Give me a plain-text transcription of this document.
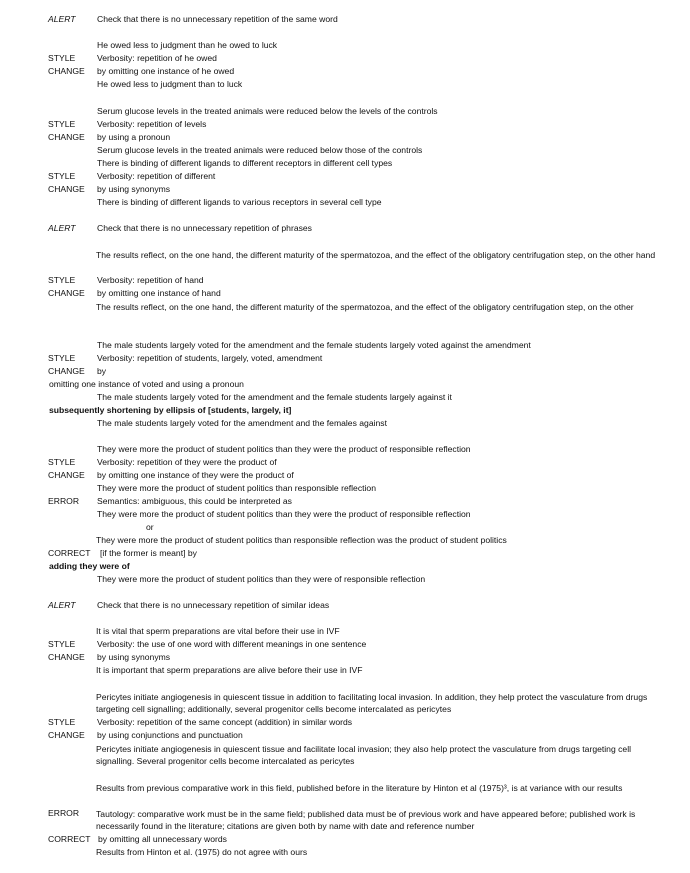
ALERT Check that there is no unnecessary repetition of the same word
He owed less to judgment than he owed to luck
STYLE	Verbosity: repetition of he owed
CHANGE by omitting one instance of he owed
He owed less to judgment than to luck
Serum glucose levels in the treated animals were reduced below the levels of the controls
STYLE	Verbosity: repetition of levels
CHANGE by using a pronoun
Serum glucose levels in the treated animals were reduced below those of the controls
There is binding of different ligands to different receptors in different cell types
STYLE	Verbosity: repetition of different
CHANGE by using synonyms
There is binding of different ligands to various receptors in several cell type
ALERT Check that there is no unnecessary repetition of phrases
The results reflect, on the one hand, the different maturity of the spermatozoa, and the effect of the obligatory centrifugation step, on the other hand
STYLE	Verbosity: repetition of hand
CHANGE by omitting one instance of hand
The results reflect, on the one hand, the different maturity of the spermatozoa, and the effect of the obligatory centrifugation step, on the other
The male students largely voted for the amendment and the female students largely voted against the amendment
STYLE	Verbosity: repetition of students, largely, voted, amendment
CHANGE by
omitting one instance of voted and using a pronoun
The male students largely voted for the amendment and the female students largely against it
subsequently shortening by ellipsis of [students, largely, it]
The male students largely voted for the amendment and the females against
They were more the product of student politics than they were the product of responsible reflection
STYLE	Verbosity: repetition of they were the product of
CHANGE by omitting one instance of they were the product of
They were more the product of student politics than responsible reflection
ERROR Semantics: ambiguous, this could be interpreted as
They were more the product of student politics than they were the product of responsible reflection
or
They were more the product of student politics than responsible reflection was the product of student politics
CORRECT [if the former is meant] by
adding they were of
They were more the product of student politics than they were of responsible reflection
ALERT Check that there is no unnecessary repetition of similar ideas
It is vital that sperm preparations are vital before their use in IVF
STYLE	Verbosity: the use of one word with different meanings in one sentence
CHANGE by using synonyms
It is important that sperm preparations are alive before their use in IVF
Pericytes initiate angiogenesis in quiescent tissue in addition to facilitating local invasion. In addition, they help protect the vasculature from drugs targeting cell signalling; additionally, several progenitor cells become intercalated as pericytes
STYLE	Verbosity: repetition of the same concept (addition) in similar words
CHANGE by using conjunctions and punctuation
Pericytes initiate angiogenesis in quiescent tissue and facilitate local invasion; they also help protect the vasculature from drugs targeting cell signalling. Several progenitor cells become intercalated as pericytes
Results from previous comparative work in this field, published before in the literature by Hinton et al (1975)³, is at variance with our results
ERROR Tautology: comparative work must be in the same field; published data must be of previous work and have appeared before; published work is necessarily found in the literature; citations are given both by name with date and reference number
CORRECT by omitting all unnecessary words
Results from Hinton et al. (1975) do not agree with ours
